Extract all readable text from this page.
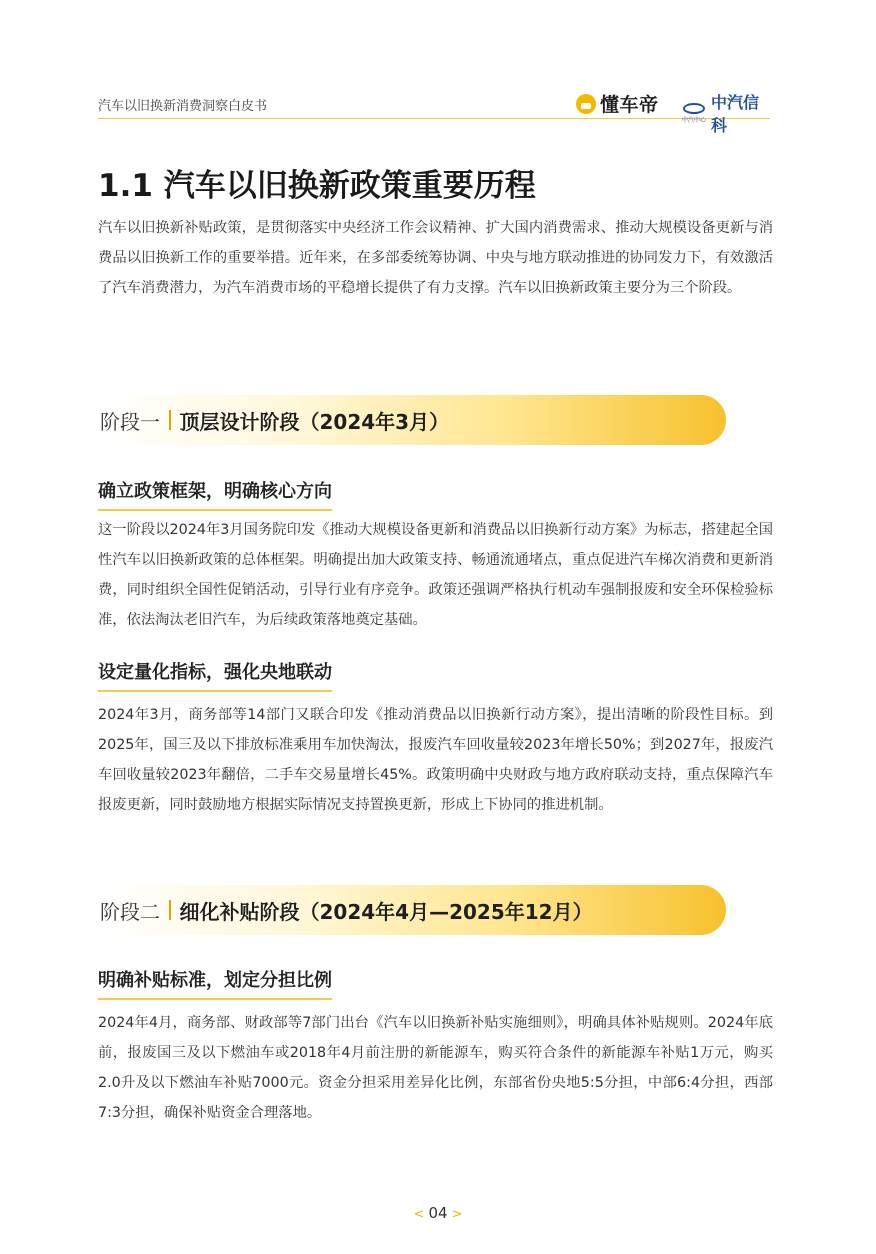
汽车以旧换新消费洞察白皮书	懂车帝
中汽中心
中汽信科
1.1 汽车以旧换新政策重要历程

汽车以旧换新补贴政策，是贯彻落实中央经济工作会议精神、扩大国内消费需求、推动大规模设备更新与消费品以旧换新工作的重要举措。近年来，在多部委统筹协调、中央与地方联动推进的协同发力下，有效激活了汽车消费潜力，为汽车消费市场的平稳增长提供了有力支撑。汽车以旧换新政策主要分为三个阶段。

阶段一 顶层设计阶段（2024年3月）
确立政策框架，明确核心方向

这一阶段以2024年3月国务院印发《推动大规模设备更新和消费品以旧换新行动方案》为标志，搭建起全国性汽车以旧换新政策的总体框架。明确提出加大政策支持、畅通流通堵点，重点促进汽车梯次消费和更新消费，同时组织全国性促销活动，引导行业有序竞争。政策还强调严格执行机动车强制报废和安全环保检验标准，依法淘汰老旧汽车，为后续政策落地奠定基础。

设定量化指标，强化央地联动

2024年3月，商务部等14部门又联合印发《推动消费品以旧换新行动方案》，提出清晰的阶段性目标。到2025年，国三及以下排放标准乘用车加快淘汰，报废汽车回收量较2023年增长50%；到2027年，报废汽车回收量较2023年翻倍，二手车交易量增长45%。政策明确中央财政与地方政府联动支持，重点保障汽车报废更新，同时鼓励地方根据实际情况支持置换更新，形成上下协同的推进机制。

阶段二 细化补贴阶段（2024年4月—2025年12月）
明确补贴标准，划定分担比例

2024年4月，商务部、财政部等7部门出台《汽车以旧换新补贴实施细则》，明确具体补贴规则。2024年底前，报废国三及以下燃油车或2018年4月前注册的新能源车，购买符合条件的新能源车补贴1万元，购买2.0升及以下燃油车补贴7000元。资金分担采用差异化比例，东部省份央地5:5分担，中部6:4分担，西部7:3分担，确保补贴资金合理落地。

< 04 >
